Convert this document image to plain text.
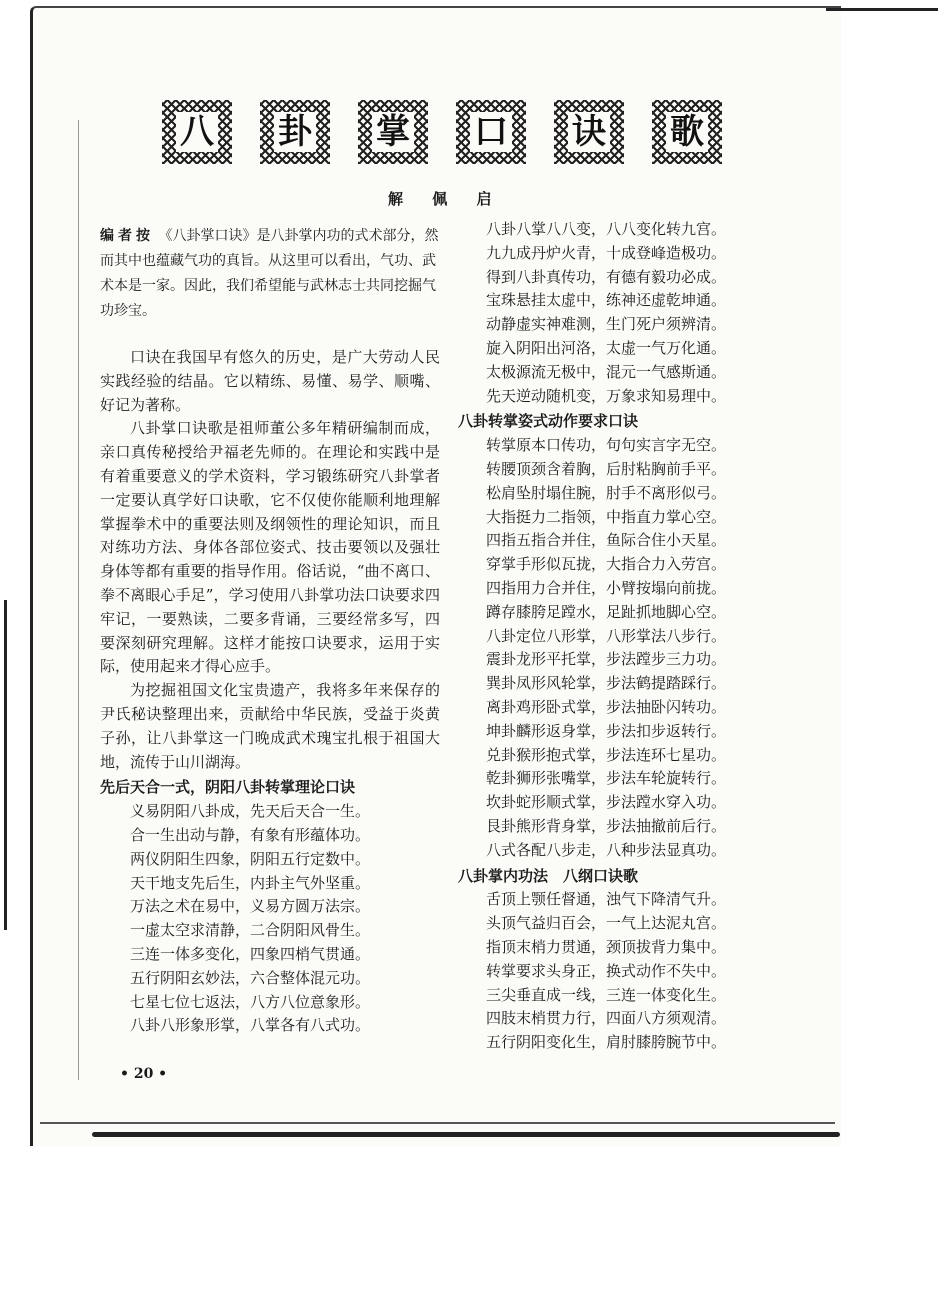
八 卦 掌 口 诀 歌
解 佩 启

编者按 《八卦掌口诀》是八卦掌内功的式术部分，然而其中也蕴藏气功的真旨。从这里可以看出，气功、武术本是一家。因此，我们希望能与武林志士共同挖掘气功珍宝。

口诀在我国早有悠久的历史，是广大劳动人民实践经验的结晶。它以精练、易懂、易学、顺嘴、好记为著称。

八卦掌口诀歌是祖师董公多年精研编制而成，亲口真传秘授给尹福老先师的。在理论和实践中是有着重要意义的学术资料，学习锻练研究八卦掌者一定要认真学好口诀歌，它不仅使你能顺利地理解掌握拳术中的重要法则及纲领性的理论知识，而且对练功方法、身体各部位姿式、技击要领以及强壮身体等都有重要的指导作用。俗话说，“曲不离口、拳不离眼心手足”，学习使用八卦掌功法口诀要求四牢记，一要熟读，二要多背诵，三要经常多写，四要深刻研究理解。这样才能按口诀要求，运用于实际，使用起来才得心应手。

为挖掘祖国文化宝贵遗产，我将多年来保存的尹氏秘诀整理出来，贡献给中华民族，受益于炎黄子孙，让八卦掌这一门晚成武术瑰宝扎根于祖国大地，流传于山川湖海。

先后天合一式，阴阳八卦转掌理论口诀
义易阴阳八卦成，先天后天合一生。
合一生出动与静，有象有形蕴体功。
两仪阴阳生四象，阴阳五行定数中。
天干地支先后生，内卦主气外坚重。
万法之术在易中，义易方圆万法宗。
一虚太空求清静，二合阴阳风骨生。
三连一体多变化，四象四梢气贯通。
五行阴阳玄妙法，六合整体混元功。
七星七位七返法，八方八位意象形。
八卦八形象形掌，八掌各有八式功。
八卦八掌八八变，八八变化转九宫。
九九成丹炉火青，十成登峰造极功。
得到八卦真传功，有德有毅功必成。
宝珠悬挂太虚中，练神还虚乾坤通。
动静虚实神难测，生门死户须辨清。
旋入阴阳出河洛，太虚一气万化通。
太极源流无极中，混元一气感斯通。
先天逆动随机变，万象求知易理中。
八卦转掌姿式动作要求口诀
转掌原本口传功，句句实言字无空。
转腰顶颈含着胸，后肘粘胸前手平。
松肩坠肘塌住腕，肘手不离形似弓。
大指挺力二指领，中指直力掌心空。
四指五指合并住，鱼际合住小天星。
穿掌手形似瓦拢，大指合力入劳宫。
四指用力合并住，小臂按塌向前拢。
蹲存膝胯足蹚水，足趾抓地脚心空。
八卦定位八形掌，八形掌法八步行。
震卦龙形平托掌，步法蹚步三力功。
巽卦凤形风轮掌，步法鹤提踏踩行。
离卦鸡形卧式掌，步法抽卧闪转功。
坤卦麟形返身掌，步法扣步返转行。
兑卦猴形抱式掌，步法连环七星功。
乾卦狮形张嘴掌，步法车轮旋转行。
坎卦蛇形顺式掌，步法蹚水穿入功。
艮卦熊形背身掌，步法抽撤前后行。
八式各配八步走，八种步法显真功。
八卦掌内功法　八纲口诀歌
舌顶上颚任督通，浊气下降清气升。
头顶气益归百会，一气上达泥丸宫。
指顶末梢力贯通，颈顶拔背力集中。
转掌要求头身正，换式动作不失中。
三尖垂直成一线，三连一体变化生。
四肢末梢贯力行，四面八方须观清。
五行阴阳变化生，肩肘膝胯腕节中。
• 20 •
